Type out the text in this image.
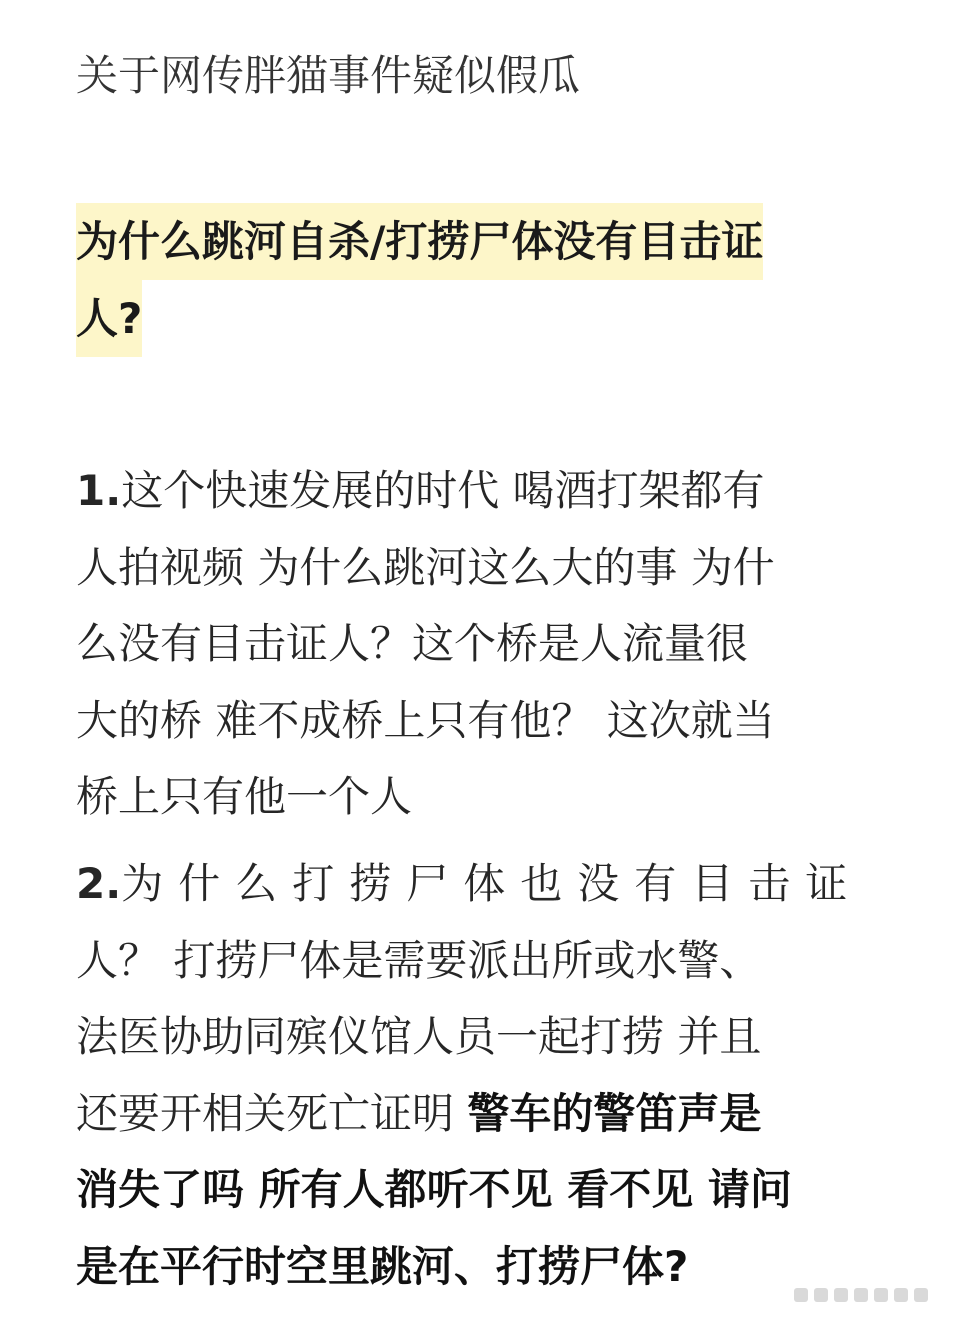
关于网传胖猫事件疑似假瓜
为什么跳河自杀/打捞尸体没有目击证
人?
1.这个快速发展的时代 喝酒打架都有
人拍视频 为什么跳河这么大的事 为什
么没有目击证人？这个桥是人流量很
大的桥 难不成桥上只有他？ 这次就当
桥上只有他一个人
2.为什么打捞尸体也没有目击证
人？ 打捞尸体是需要派出所或水警、
法医协助同殡仪馆人员一起打捞 并且
还要开相关死亡证明 警车的警笛声是
消失了吗 所有人都听不见 看不见 请问
是在平行时空里跳河、打捞尸体?
